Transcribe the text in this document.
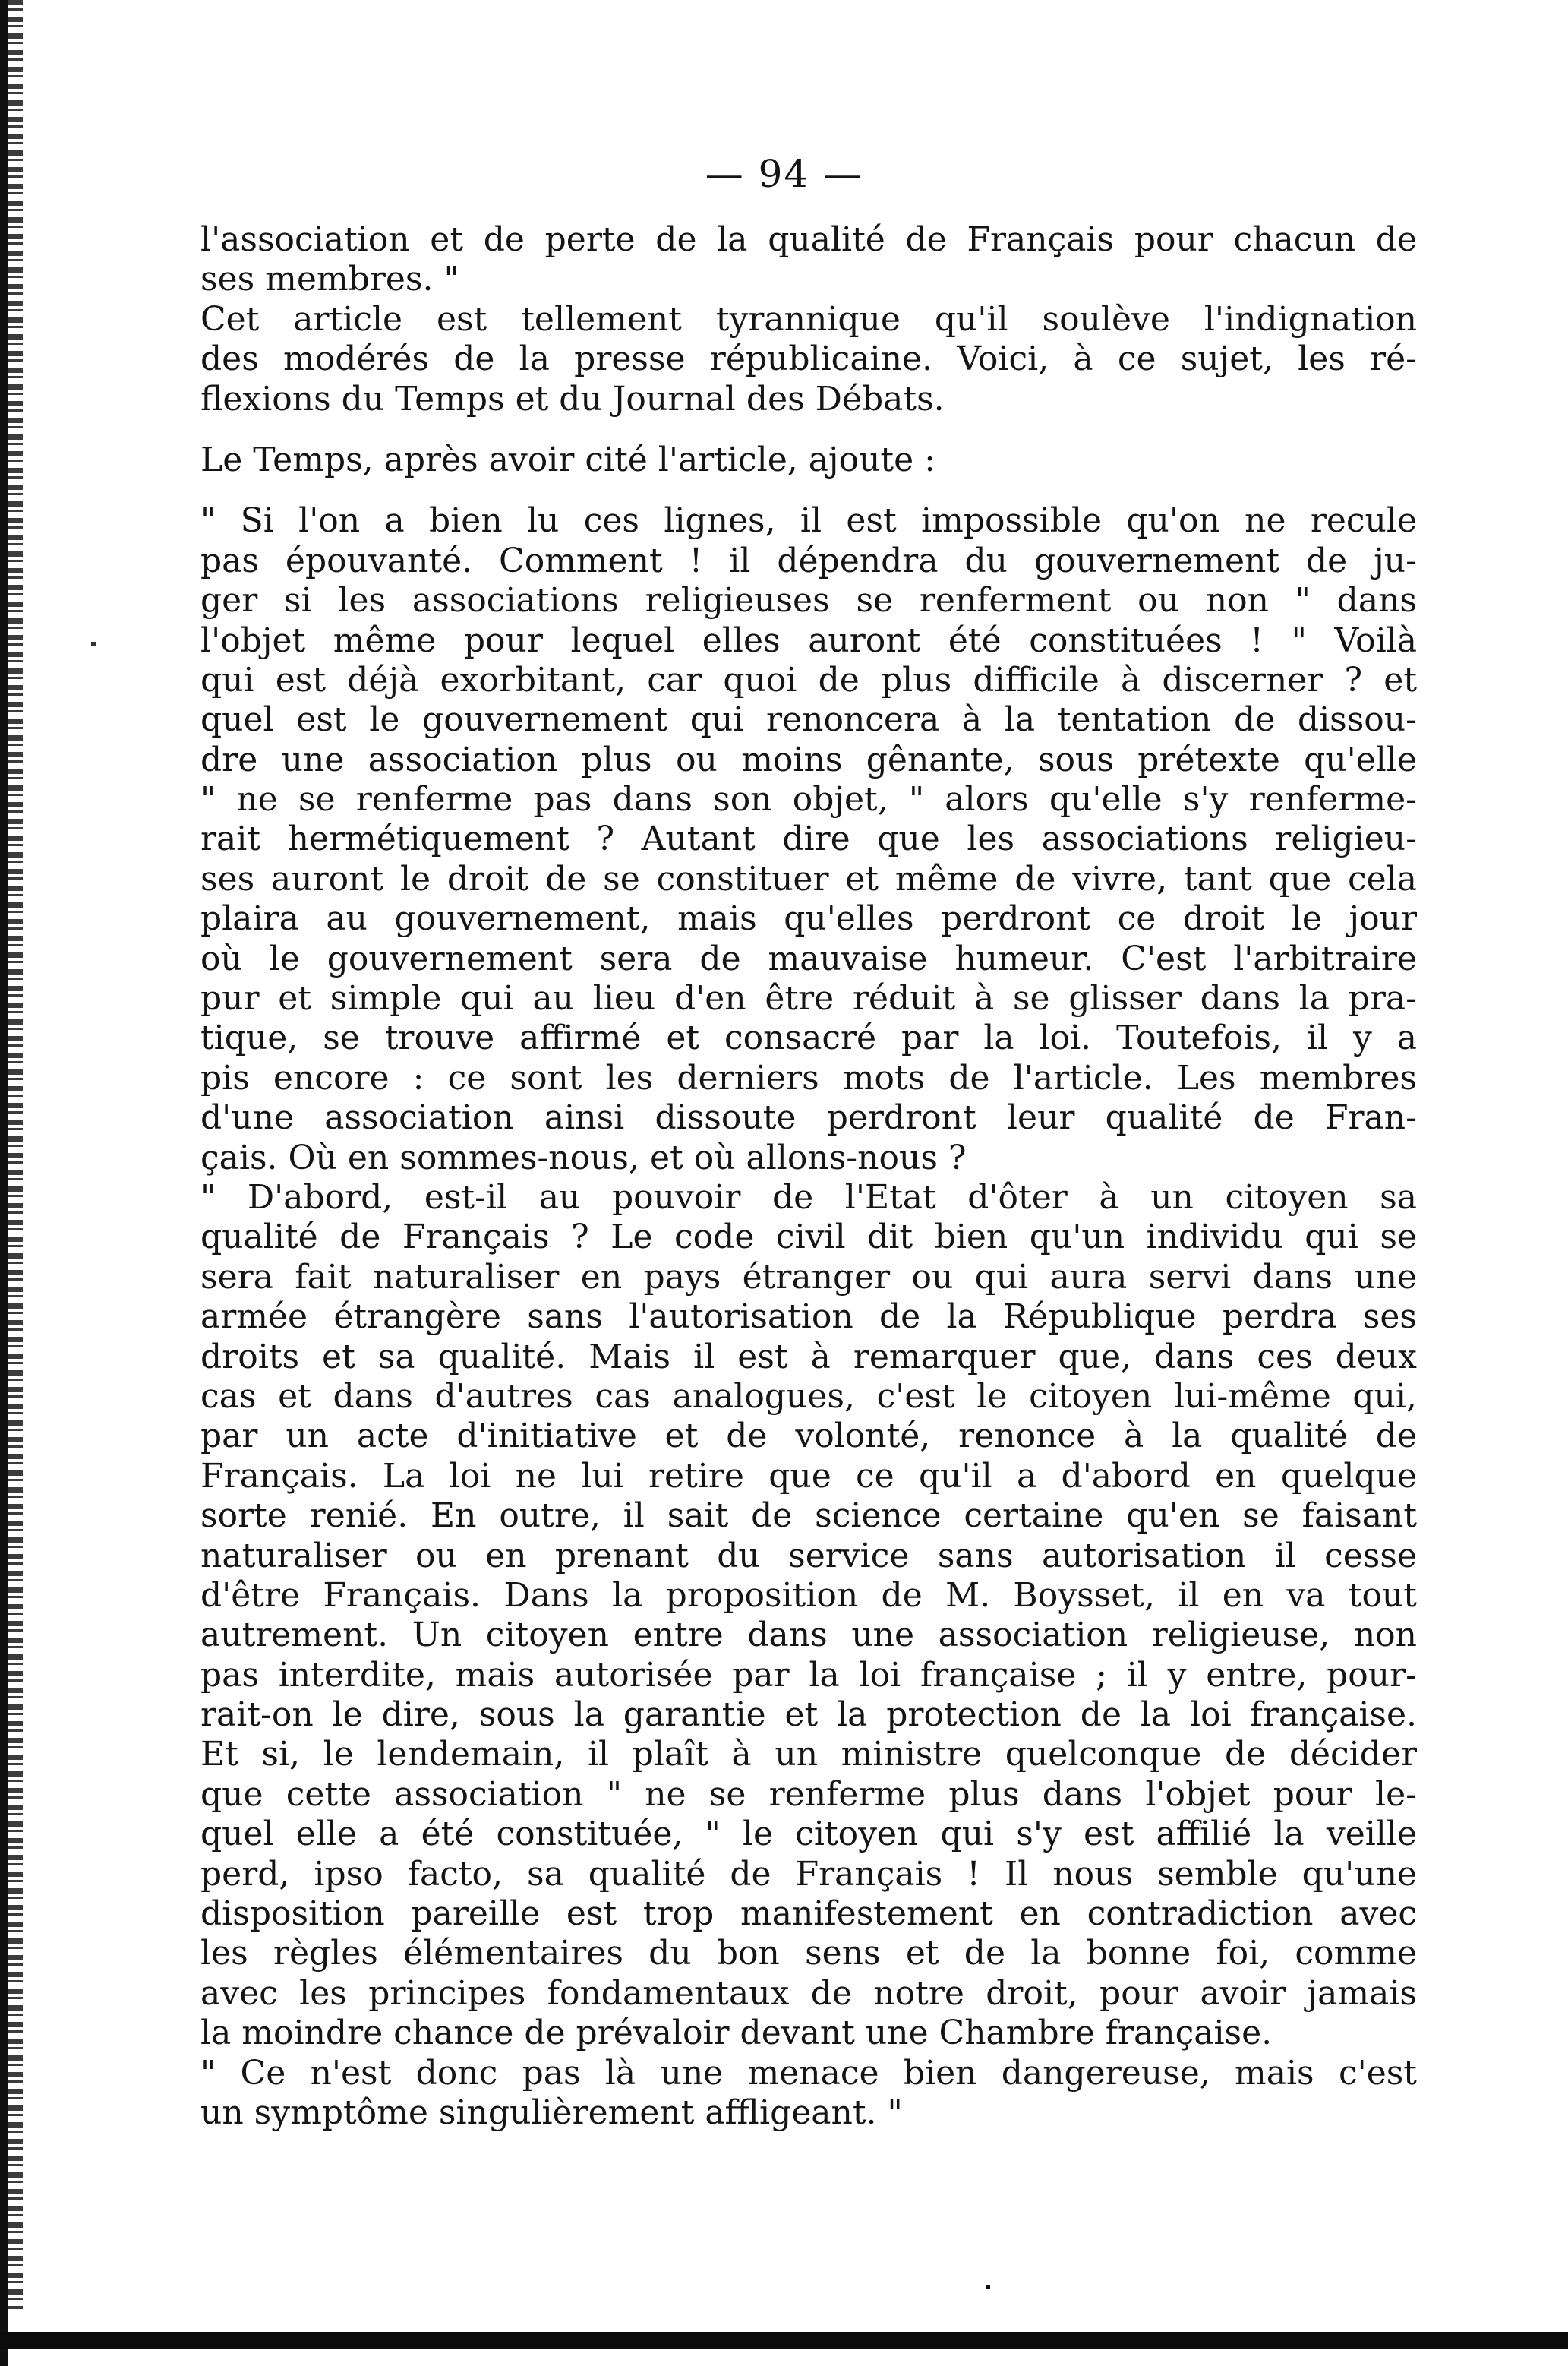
— 94 —
l'association et de perte de la qualité de Français pour chacun de
ses membres. "
Cet article est tellement tyrannique qu'il soulève l'indignation
des modérés de la presse républicaine. Voici, à ce sujet, les ré-
flexions du Temps et du Journal des Débats.
Le Temps, après avoir cité l'article, ajoute :
" Si l'on a bien lu ces lignes, il est impossible qu'on ne recule
pas épouvanté. Comment ! il dépendra du gouvernement de ju-
ger si les associations religieuses se renferment ou non " dans
l'objet même pour lequel elles auront été constituées ! " Voilà
qui est déjà exorbitant, car quoi de plus difficile à discerner ? et
quel est le gouvernement qui renoncera à la tentation de dissou-
dre une association plus ou moins gênante, sous prétexte qu'elle
" ne se renferme pas dans son objet, " alors qu'elle s'y renferme-
rait hermétiquement ? Autant dire que les associations religieu-
ses auront le droit de se constituer et même de vivre, tant que cela
plaira au gouvernement, mais qu'elles perdront ce droit le jour
où le gouvernement sera de mauvaise humeur. C'est l'arbitraire
pur et simple qui au lieu d'en être réduit à se glisser dans la pra-
tique, se trouve affirmé et consacré par la loi. Toutefois, il y a
pis encore : ce sont les derniers mots de l'article. Les membres
d'une association ainsi dissoute perdront leur qualité de Fran-
çais. Où en sommes-nous, et où allons-nous ?
" D'abord, est-il au pouvoir de l'Etat d'ôter à un citoyen sa
qualité de Français ? Le code civil dit bien qu'un individu qui se
sera fait naturaliser en pays étranger ou qui aura servi dans une
armée étrangère sans l'autorisation de la République perdra ses
droits et sa qualité. Mais il est à remarquer que, dans ces deux
cas et dans d'autres cas analogues, c'est le citoyen lui-même qui,
par un acte d'initiative et de volonté, renonce à la qualité de
Français. La loi ne lui retire que ce qu'il a d'abord en quelque
sorte renié. En outre, il sait de science certaine qu'en se faisant
naturaliser ou en prenant du service sans autorisation il cesse
d'être Français. Dans la proposition de M. Boysset, il en va tout
autrement. Un citoyen entre dans une association religieuse, non
pas interdite, mais autorisée par la loi française ; il y entre, pour-
rait-on le dire, sous la garantie et la protection de la loi française.
Et si, le lendemain, il plaît à un ministre quelconque de décider
que cette association " ne se renferme plus dans l'objet pour le-
quel elle a été constituée, " le citoyen qui s'y est affilié la veille
perd, ipso facto, sa qualité de Français ! Il nous semble qu'une
disposition pareille est trop manifestement en contradiction avec
les règles élémentaires du bon sens et de la bonne foi, comme
avec les principes fondamentaux de notre droit, pour avoir jamais
la moindre chance de prévaloir devant une Chambre française.
" Ce n'est donc pas là une menace bien dangereuse, mais c'est
un symptôme singulièrement affligeant. "
